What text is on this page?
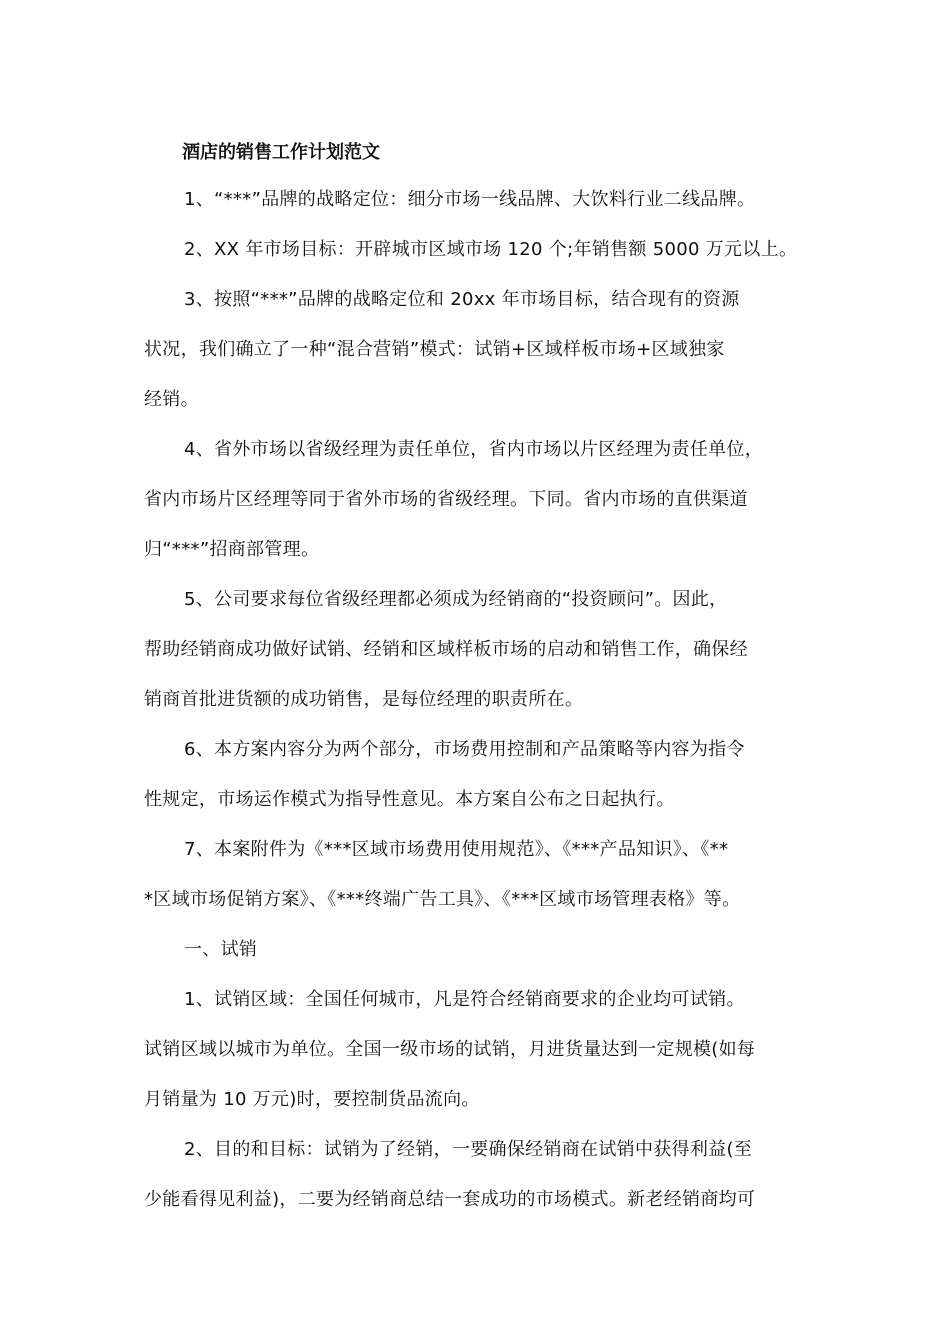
酒店的销售工作计划范文
1、“***”品牌的战略定位：细分市场一线品牌、大饮料行业二线品牌。
2、XX 年市场目标：开辟城市区域市场 120 个;年销售额 5000 万元以上。
3、按照“***”品牌的战略定位和 20xx 年市场目标，结合现有的资源
状况，我们确立了一种“混合营销”模式：试销+区域样板市场+区域独家
经销。
4、省外市场以省级经理为责任单位，省内市场以片区经理为责任单位，
省内市场片区经理等同于省外市场的省级经理。下同。省内市场的直供渠道
归“***”招商部管理。
5、公司要求每位省级经理都必须成为经销商的“投资顾问”。因此，
帮助经销商成功做好试销、经销和区域样板市场的启动和销售工作，确保经
销商首批进货额的成功销售，是每位经理的职责所在。
6、本方案内容分为两个部分，市场费用控制和产品策略等内容为指令
性规定，市场运作模式为指导性意见。本方案自公布之日起执行。
7、本案附件为《***区域市场费用使用规范》、《***产品知识》、《**
*区域市场促销方案》、《***终端广告工具》、《***区域市场管理表格》等。
一、试销
1、试销区域：全国任何城市，凡是符合经销商要求的企业均可试销。
试销区域以城市为单位。全国一级市场的试销，月进货量达到一定规模(如每
月销量为 10 万元)时，要控制货品流向。
2、目的和目标：试销为了经销，一要确保经销商在试销中获得利益(至
少能看得见利益)，二要为经销商总结一套成功的市场模式。新老经销商均可
